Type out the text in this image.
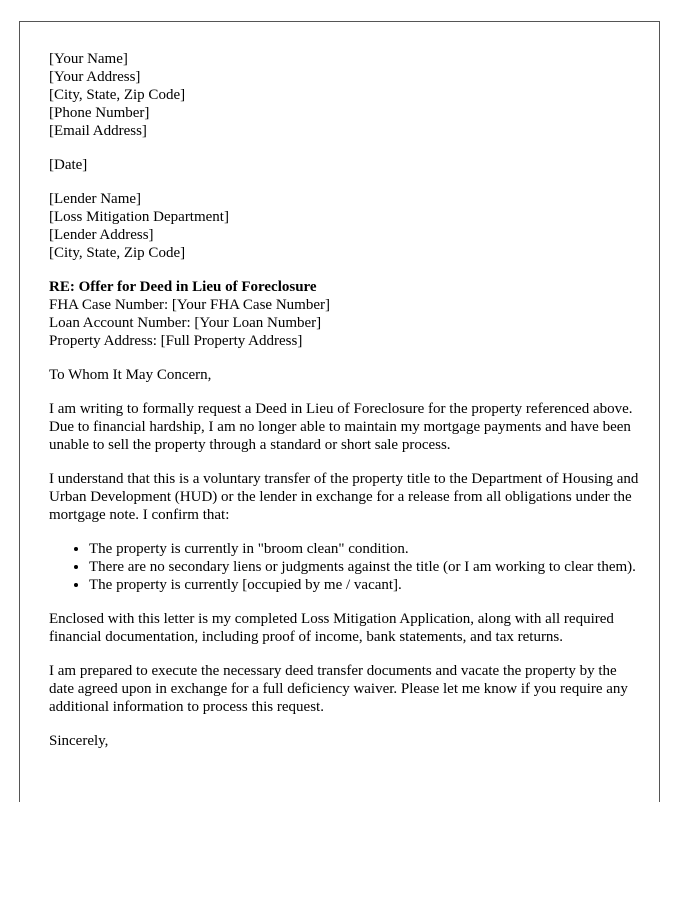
[Your Name]
[Your Address]
[City, State, Zip Code]
[Phone Number]
[Email Address]
[Date]
[Lender Name]
[Loss Mitigation Department]
[Lender Address]
[City, State, Zip Code]
RE: Offer for Deed in Lieu of Foreclosure
FHA Case Number: [Your FHA Case Number]
Loan Account Number: [Your Loan Number]
Property Address: [Full Property Address]

To Whom It May Concern,

I am writing to formally request a Deed in Lieu of Foreclosure for the property referenced above. Due to financial hardship, I am no longer able to maintain my mortgage payments and have been unable to sell the property through a standard or short sale process.

I understand that this is a voluntary transfer of the property title to the Department of Housing and Urban Development (HUD) or the lender in exchange for a release from all obligations under the mortgage note. I confirm that:

• The property is currently in "broom clean" condition.
• There are no secondary liens or judgments against the title (or I am working to clear them).
• The property is currently [occupied by me / vacant].

Enclosed with this letter is my completed Loss Mitigation Application, along with all required financial documentation, including proof of income, bank statements, and tax returns.

I am prepared to execute the necessary deed transfer documents and vacate the property by the date agreed upon in exchange for a full deficiency waiver. Please let me know if you require any additional information to process this request.

Sincerely,
